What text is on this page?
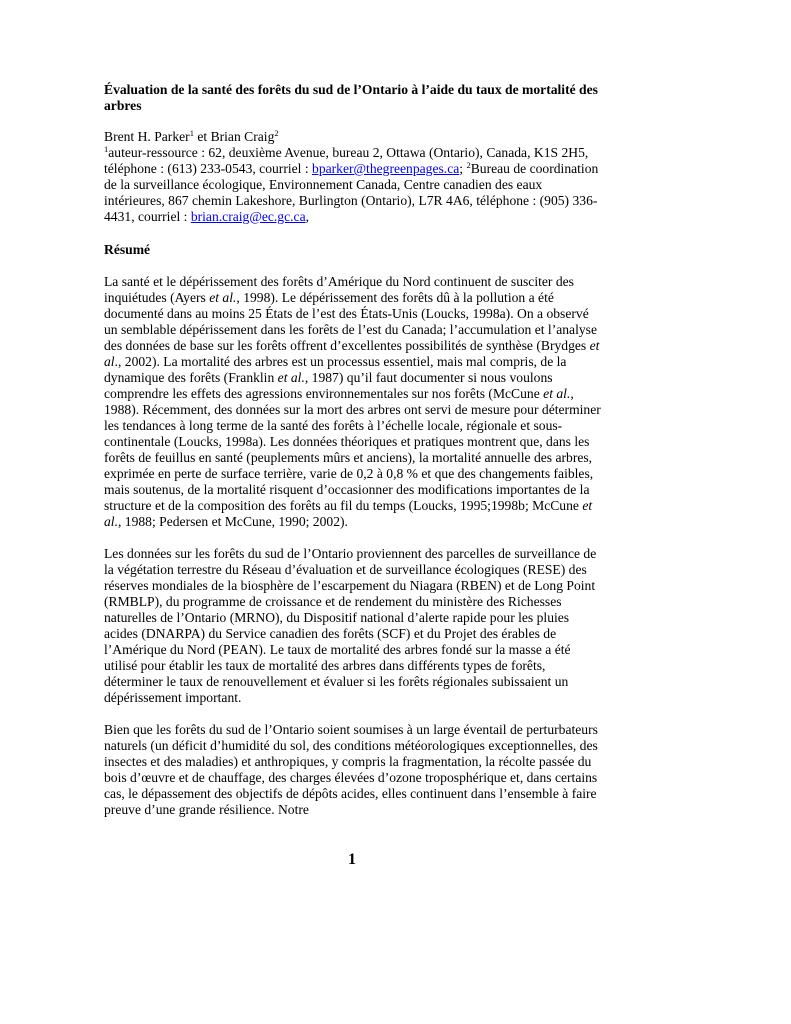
Évaluation de la santé des forêts du sud de l’Ontario à l’aide du taux de mortalité des arbres

Brent H. Parker$^1$ et Brian Craig$^2$

$^1$auteur-ressource : 62, deuxième Avenue, bureau 2, Ottawa (Ontario), Canada, K1S 2H5, téléphone : (613) 233-0543, courriel : bparker@thegreenpages.ca; $^2$Bureau de coordination de la surveillance écologique, Environnement Canada, Centre canadien des eaux intérieures, 867 chemin Lakeshore, Burlington (Ontario), L7R 4A6, téléphone : (905) 336-4431, courriel : brian.craig@ec.gc.ca,

Résumé

La santé et le dépérissement des forêts d’Amérique du Nord continuent de susciter des inquiétudes (Ayers et al., 1998). Le dépérissement des forêts dû à la pollution a été documenté dans au moins 25 États de l’est des États-Unis (Loucks, 1998a). On a observé un semblable dépérissement dans les forêts de l’est du Canada; l’accumulation et l’analyse des données de base sur les forêts offrent d’excellentes possibilités de synthèse (Brydges et al., 2002). La mortalité des arbres est un processus essentiel, mais mal compris, de la dynamique des forêts (Franklin et al., 1987) qu’il faut documenter si nous voulons comprendre les effets des agressions environnementales sur nos forêts (McCune et al., 1988). Récemment, des données sur la mort des arbres ont servi de mesure pour déterminer les tendances à long terme de la santé des forêts à l’échelle locale, régionale et sous-continentale (Loucks, 1998a). Les données théoriques et pratiques montrent que, dans les forêts de feuillus en santé (peuplements mûrs et anciens), la mortalité annuelle des arbres, exprimée en perte de surface terrière, varie de 0,2 à 0,8 % et que des changements faibles, mais soutenus, de la mortalité risquent d’occasionner des modifications importantes de la structure et de la composition des forêts au fil du temps (Loucks, 1995;1998b; McCune et al., 1988; Pedersen et McCune, 1990; 2002).

Les données sur les forêts du sud de l’Ontario proviennent des parcelles de surveillance de la végétation terrestre du Réseau d’évaluation et de surveillance écologiques (RESE) des réserves mondiales de la biosphère de l’escarpement du Niagara (RBEN) et de Long Point (RMBLP), du programme de croissance et de rendement du ministère des Richesses naturelles de l’Ontario (MRNO), du Dispositif national d’alerte rapide pour les pluies acides (DNARPA) du Service canadien des forêts (SCF) et du Projet des érables de l’Amérique du Nord (PEAN). Le taux de mortalité des arbres fondé sur la masse a été utilisé pour établir les taux de mortalité des arbres dans différents types de forêts, déterminer le taux de renouvellement et évaluer si les forêts régionales subissaient un dépérissement important.

Bien que les forêts du sud de l’Ontario soient soumises à un large éventail de perturbateurs naturels (un déficit d’humidité du sol, des conditions météorologiques exceptionnelles, des insectes et des maladies) et anthropiques, y compris la fragmentation, la récolte passée du bois d’œuvre et de chauffage, des charges élevées d’ozone troposphérique et, dans certains cas, le dépassement des objectifs de dépôts acides, elles continuent dans l’ensemble à faire preuve d’une grande résilience. Notre

1
